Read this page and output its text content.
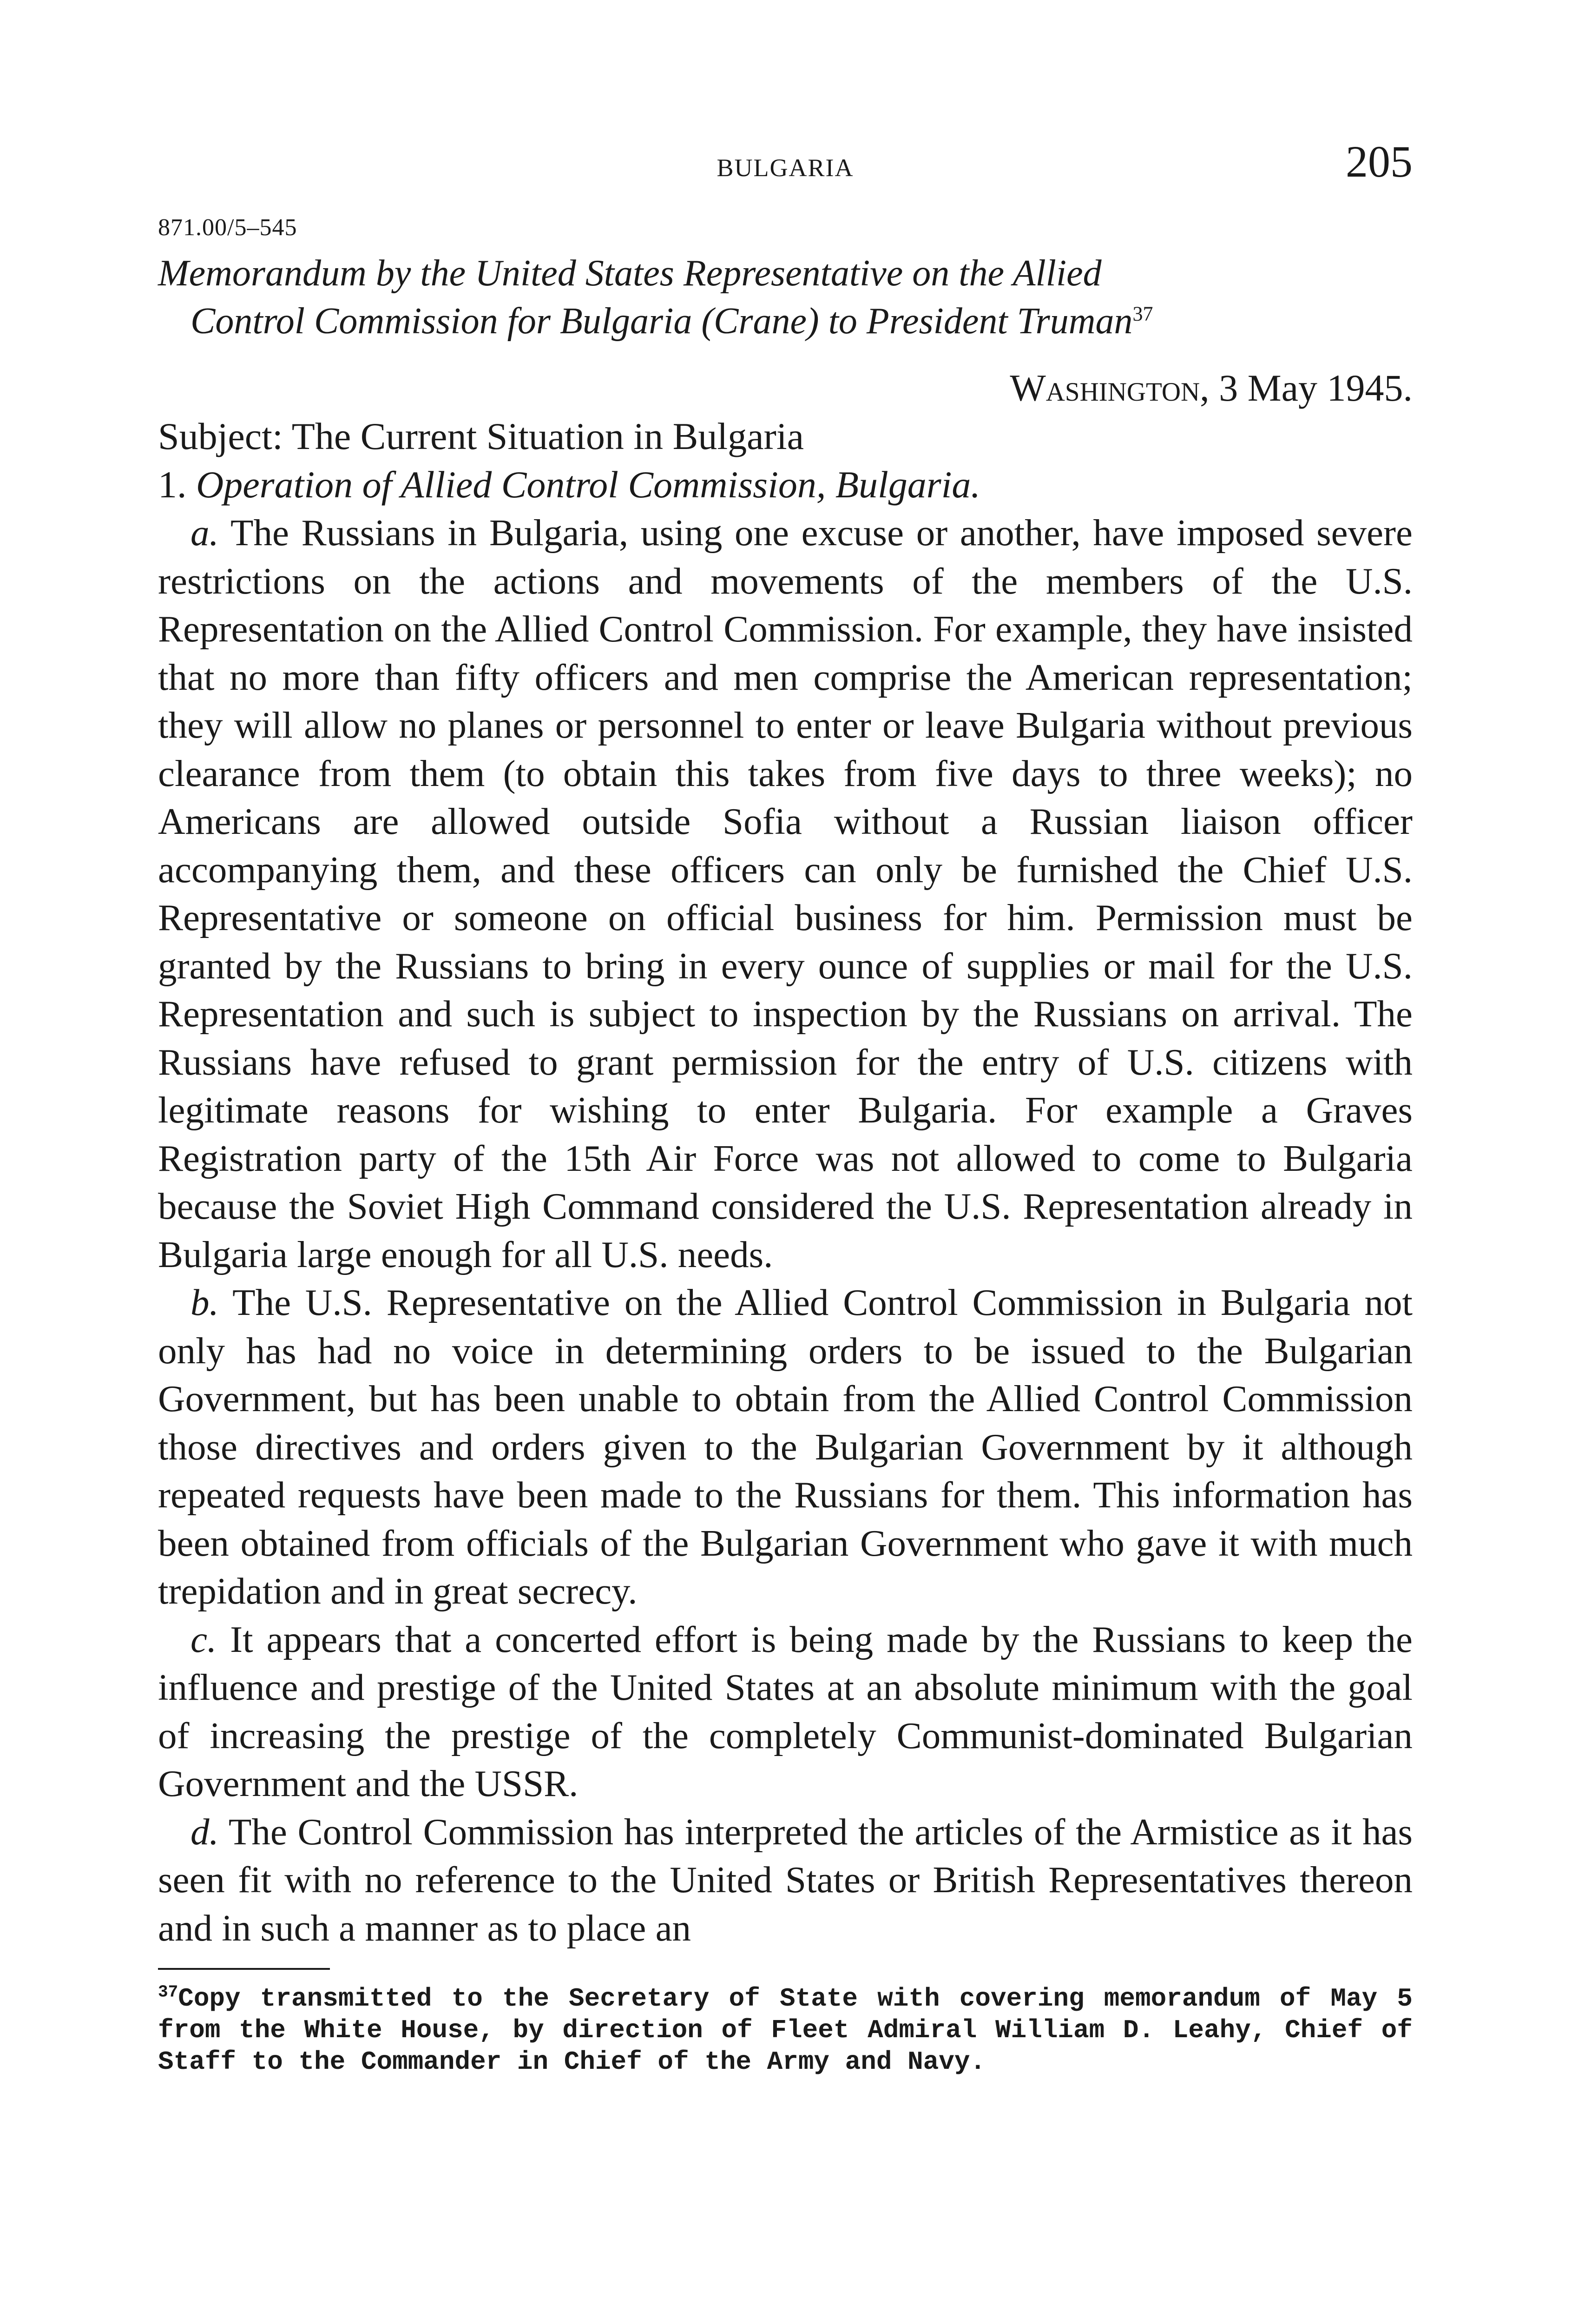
BULGARIA	205
871.00/5–545
Memorandum by the United States Representative on the Allied
Control Commission for Bulgaria (Crane) to President Truman$^{37}$
Washington, 3 May 1945.
Subject: The Current Situation in Bulgaria
1. Operation of Allied Control Commission, Bulgaria.

a. The Russians in Bulgaria, using one excuse or another, have imposed severe restrictions on the actions and movements of the members of the U.S. Representation on the Allied Control Commission. For example, they have insisted that no more than fifty officers and men comprise the American representation; they will allow no planes or personnel to enter or leave Bulgaria without previous clearance from them (to obtain this takes from five days to three weeks); no Americans are allowed outside Sofia without a Russian liaison officer accompanying them, and these officers can only be furnished the Chief U.S. Representative or someone on official business for him. Permission must be granted by the Russians to bring in every ounce of supplies or mail for the U.S. Representation and such is subject to inspection by the Russians on arrival. The Russians have refused to grant permission for the entry of U.S. citizens with legitimate reasons for wishing to enter Bulgaria. For example a Graves Registration party of the 15th Air Force was not allowed to come to Bulgaria because the Soviet High Command considered the U.S. Representation already in Bulgaria large enough for all U.S. needs.

b. The U.S. Representative on the Allied Control Commission in Bulgaria not only has had no voice in determining orders to be issued to the Bulgarian Government, but has been unable to obtain from the Allied Control Commission those directives and orders given to the Bulgarian Government by it although repeated requests have been made to the Russians for them. This information has been obtained from officials of the Bulgarian Government who gave it with much trepidation and in great secrecy.

c. It appears that a concerted effort is being made by the Russians to keep the influence and prestige of the United States at an absolute minimum with the goal of increasing the prestige of the completely Communist-dominated Bulgarian Government and the USSR.

d. The Control Commission has interpreted the articles of the Armistice as it has seen fit with no reference to the United States or British Representatives thereon and in such a manner as to place an

$^{37}$Copy transmitted to the Secretary of State with covering memorandum of May 5 from the White House, by direction of Fleet Admiral William D. Leahy, Chief of Staff to the Commander in Chief of the Army and Navy.
